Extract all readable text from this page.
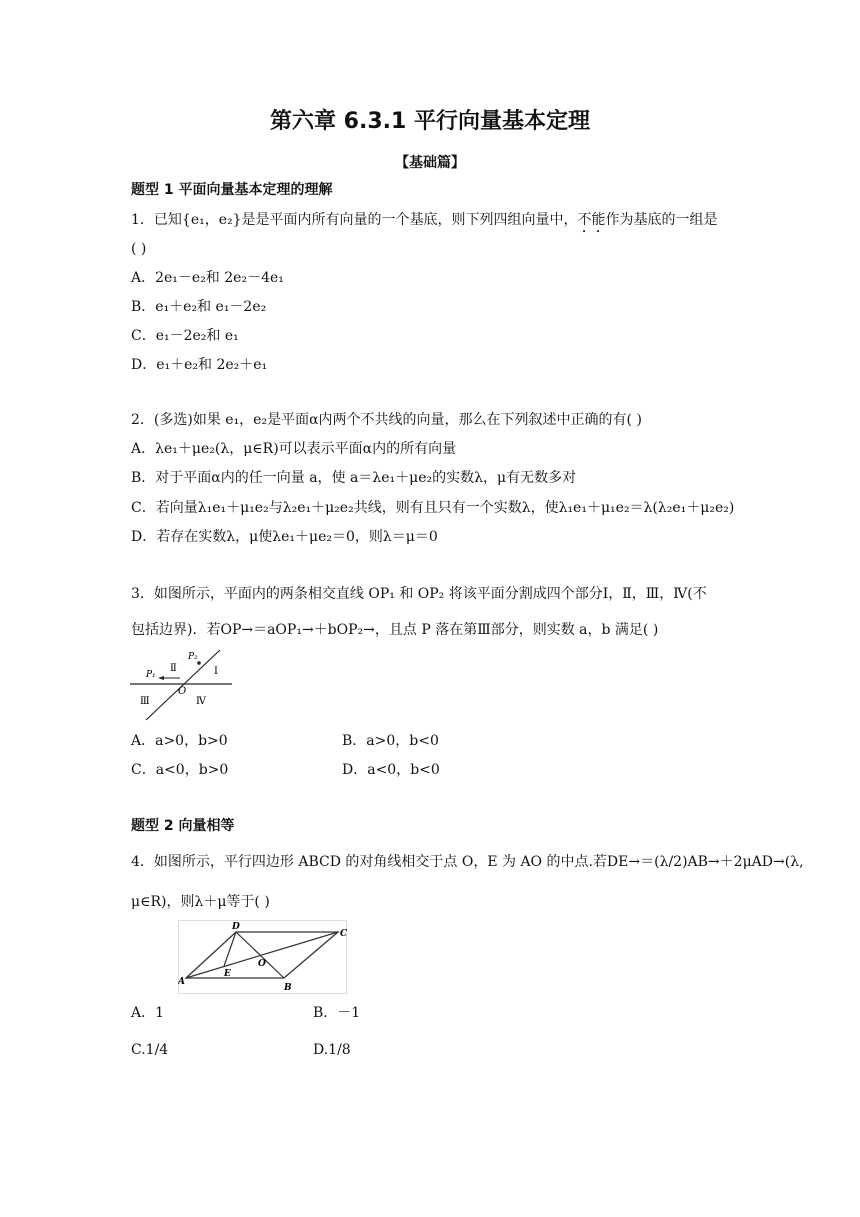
第六章 6.3.1 平行向量基本定理
【基础篇】
题型 1 平面向量基本定理的理解
1．已知{e₁，e₂}是是平面内所有向量的一个基底，则下列四组向量中，不能作为基底的一组是
( )
A．2e₁－e₂和 2e₂－4e₁
B．e₁＋e₂和 e₁－2e₂
C．e₁－2e₂和 e₁
D．e₁＋e₂和 2e₂＋e₁
2．(多选)如果 e₁，e₂是平面α内两个不共线的向量，那么在下列叙述中正确的有( )
A．λe₁＋μe₂(λ，μ∈R)可以表示平面α内的所有向量
B．对于平面α内的任一向量 a，使 a＝λe₁＋μe₂的实数λ，μ有无数多对
C．若向量λ₁e₁＋μ₁e₂与λ₂e₁＋μ₂e₂共线，则有且只有一个实数λ，使λ₁e₁＋μ₁e₂＝λ(λ₂e₁＋μ₂e₂)
D．若存在实数λ，μ使λe₁＋μe₂＝0，则λ＝μ＝0
3．如图所示，平面内的两条相交直线 OP₁ 和 OP₂ 将该平面分割成四个部分Ⅰ，Ⅱ，Ⅲ，Ⅳ(不
包括边界)．若OP→＝aOP₁→＋bOP₂→，且点 P 落在第Ⅲ部分，则实数 a，b 满足( )
P₁
P₂
O
Ⅰ
Ⅱ
Ⅲ	Ⅳ
A．a>0，b>0	B．a>0，b<0
C．a<0，b>0	D．a<0，b<0
题型 2 向量相等
4．如图所示，平行四边形 ABCD 的对角线相交于点 O，E 为 AO 的中点.若DE→＝(λ/2)AB→＋2μAD→(λ,
μ∈R)，则λ＋μ等于( )
A
B
C
D
E
O
A．1	B．－1
C.1/4	D.1/8
